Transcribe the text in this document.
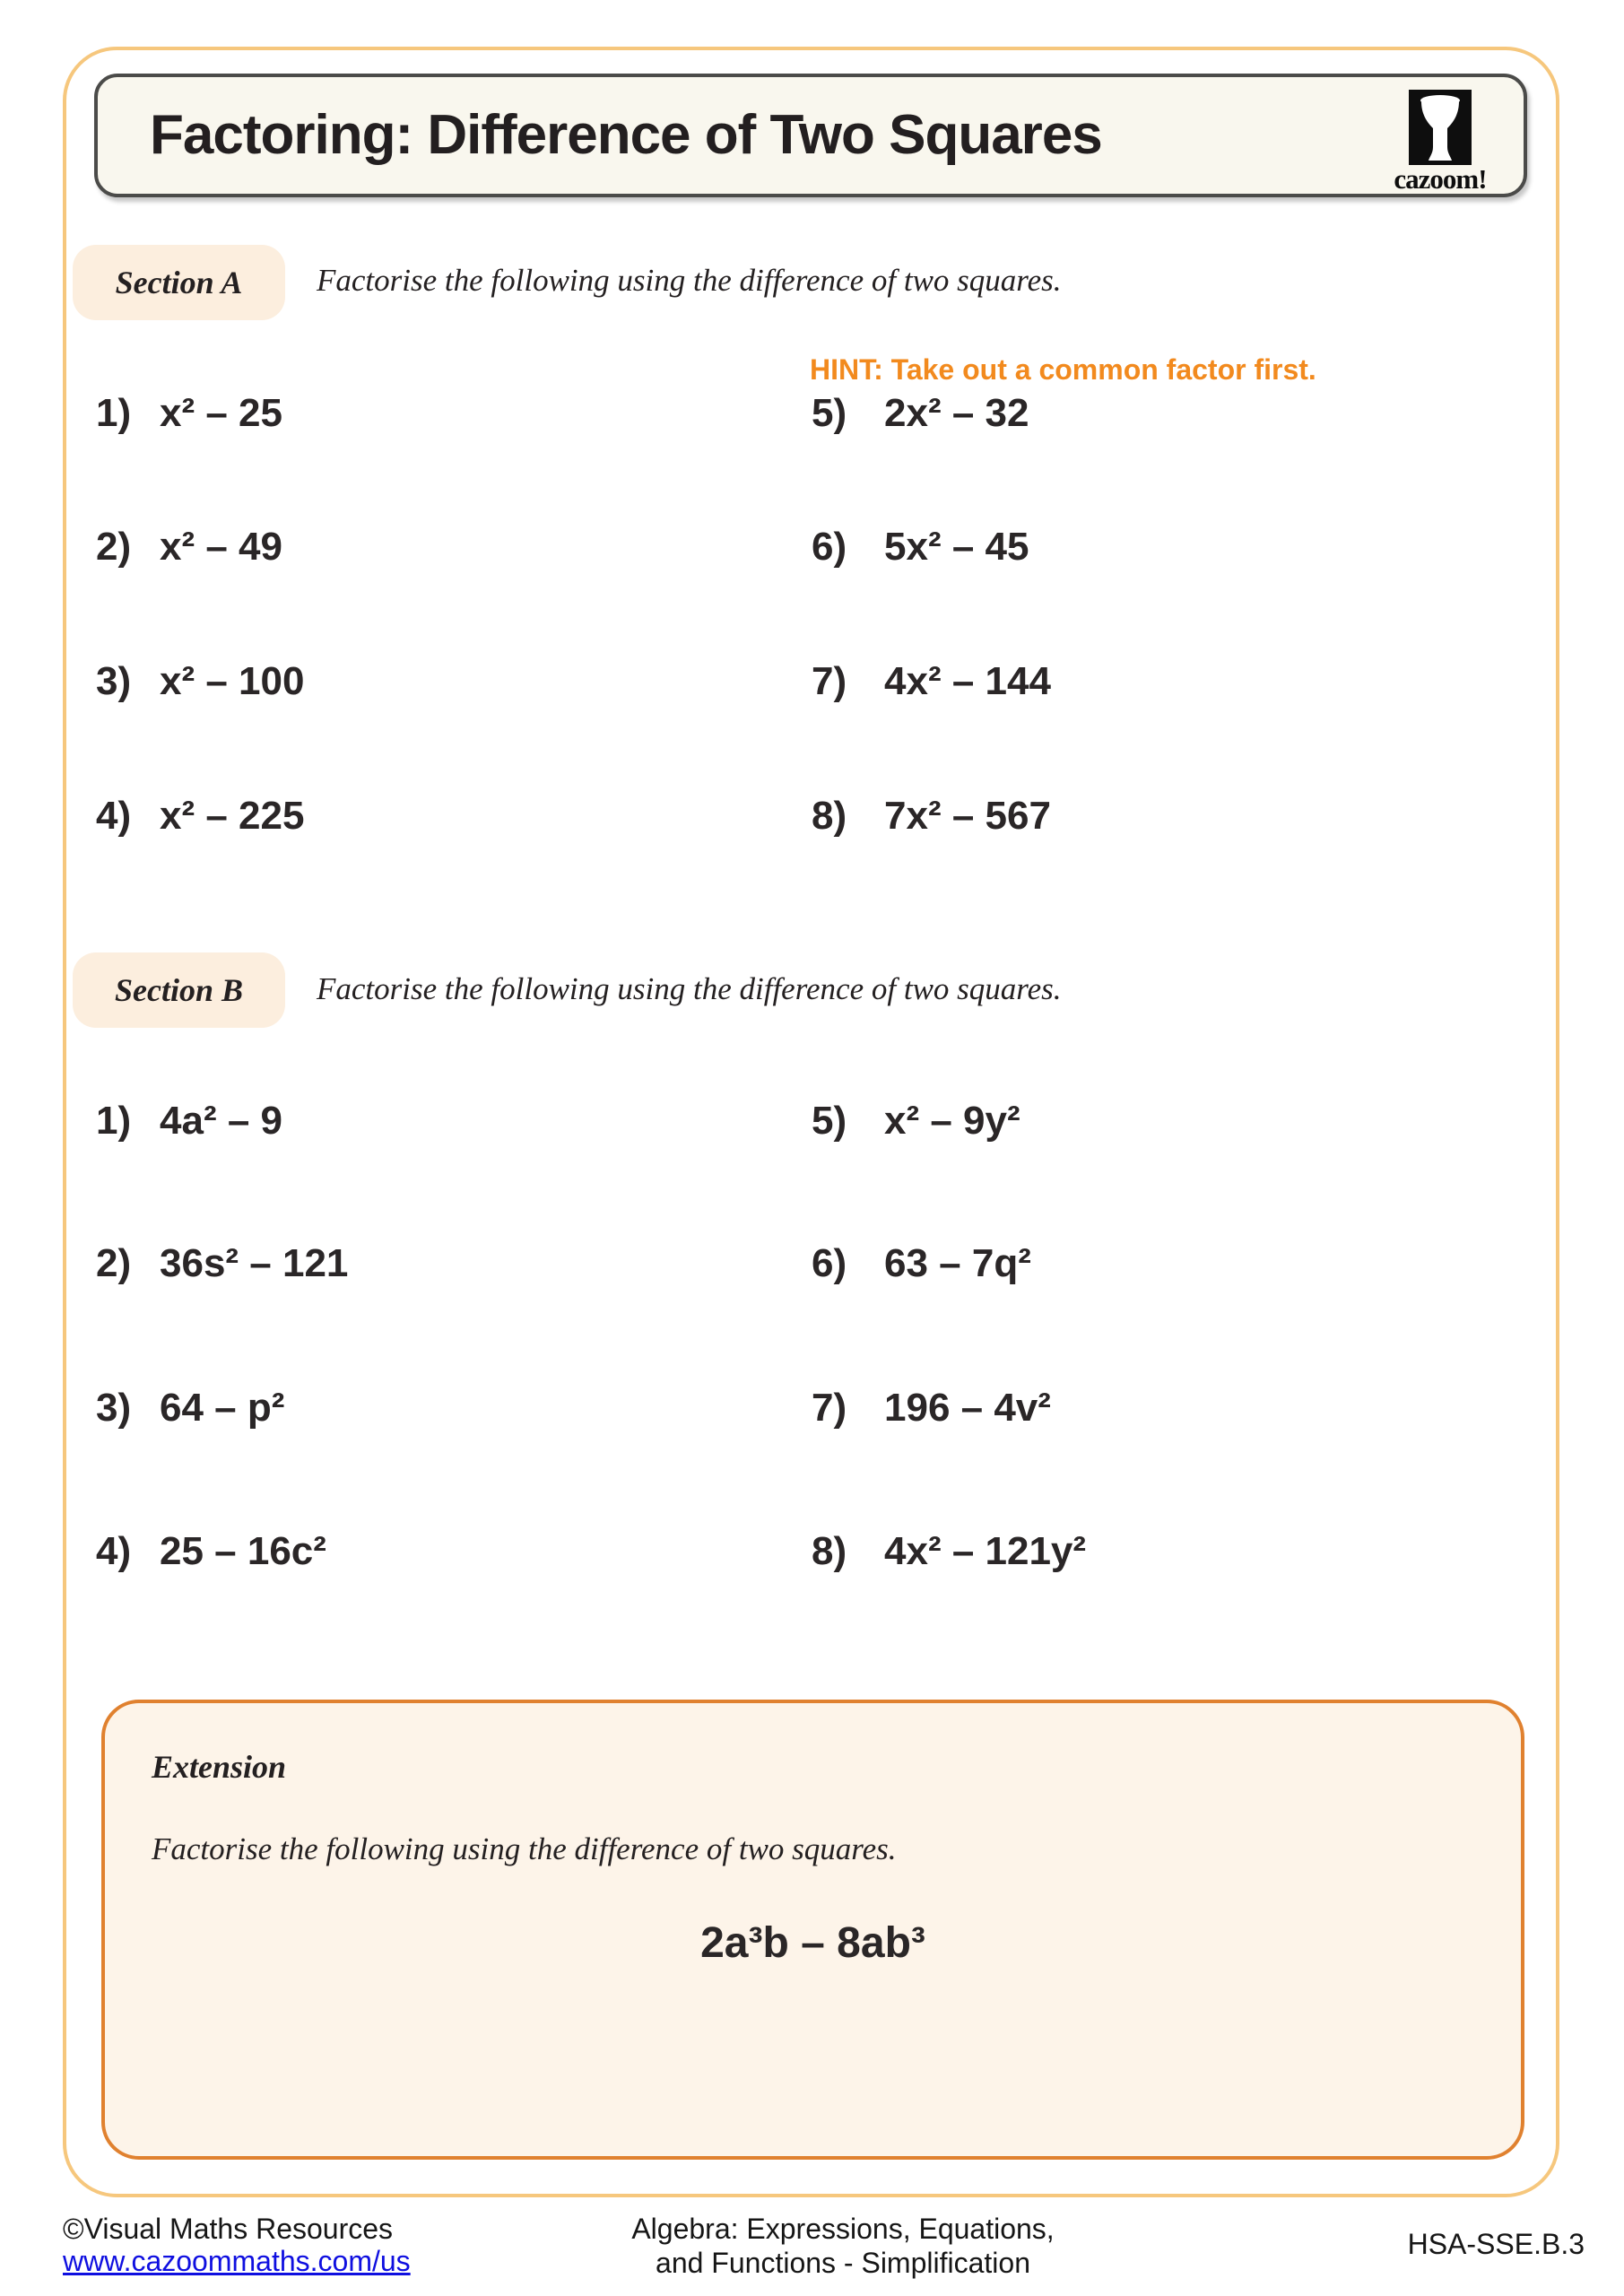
Factoring: Difference of Two Squares
cazoom!
Section A	Factorise the following using the difference of two squares.
HINT: Take out a common factor first.
1) x² – 25
2) x² – 49
3) x² – 100
4) x² – 225
5) 2x² – 32
6) 5x² – 45
7) 4x² – 144
8) 7x² – 567
Section B	Factorise the following using the difference of two squares.
1) 4a² – 9
2) 36s² – 121
3) 64 – p²
4) 25 – 16c²
5) x² – 9y²
6) 63 – 7q²
7) 196 – 4v²
8) 4x² – 121y²
Extension
Factorise the following using the difference of two squares.
2a³b – 8ab³
©Visual Maths Resources
www.cazoommaths.com/us
Algebra: Expressions, Equations,
and Functions - Simplification
HSA-SSE.B.3
